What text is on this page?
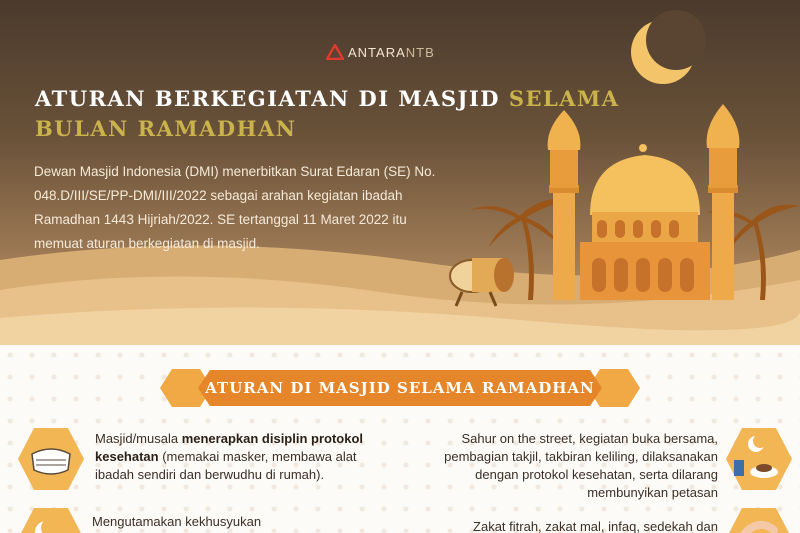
ANTARANTB
ATURAN BERKEGIATAN DI MASJID SELAMA
BULAN RAMADHAN

Dewan Masjid Indonesia (DMI) menerbitkan Surat Edaran (SE) No. 048.D/III/SE/PP-DMI/III/2022 sebagai arahan kegiatan ibadah Ramadhan 1443 Hijriah/2022. SE tertanggal 11 Maret 2022 itu memuat aturan berkegiatan di masjid.

ATURAN DI MASJID SELAMA RAMADHAN
Masjid/musala menerapkan disiplin protokol kesehatan (memakai masker, membawa alat ibadah sendiri dan berwudhu di rumah).
Mengutamakan kekhusyukan
Sahur on the street, kegiatan buka bersama, pembagian takjil, takbiran keliling, dilaksanakan dengan protokol kesehatan, serta dilarang membunyikan petasan
Zakat fitrah, zakat mal, infaq, sedekah dan
